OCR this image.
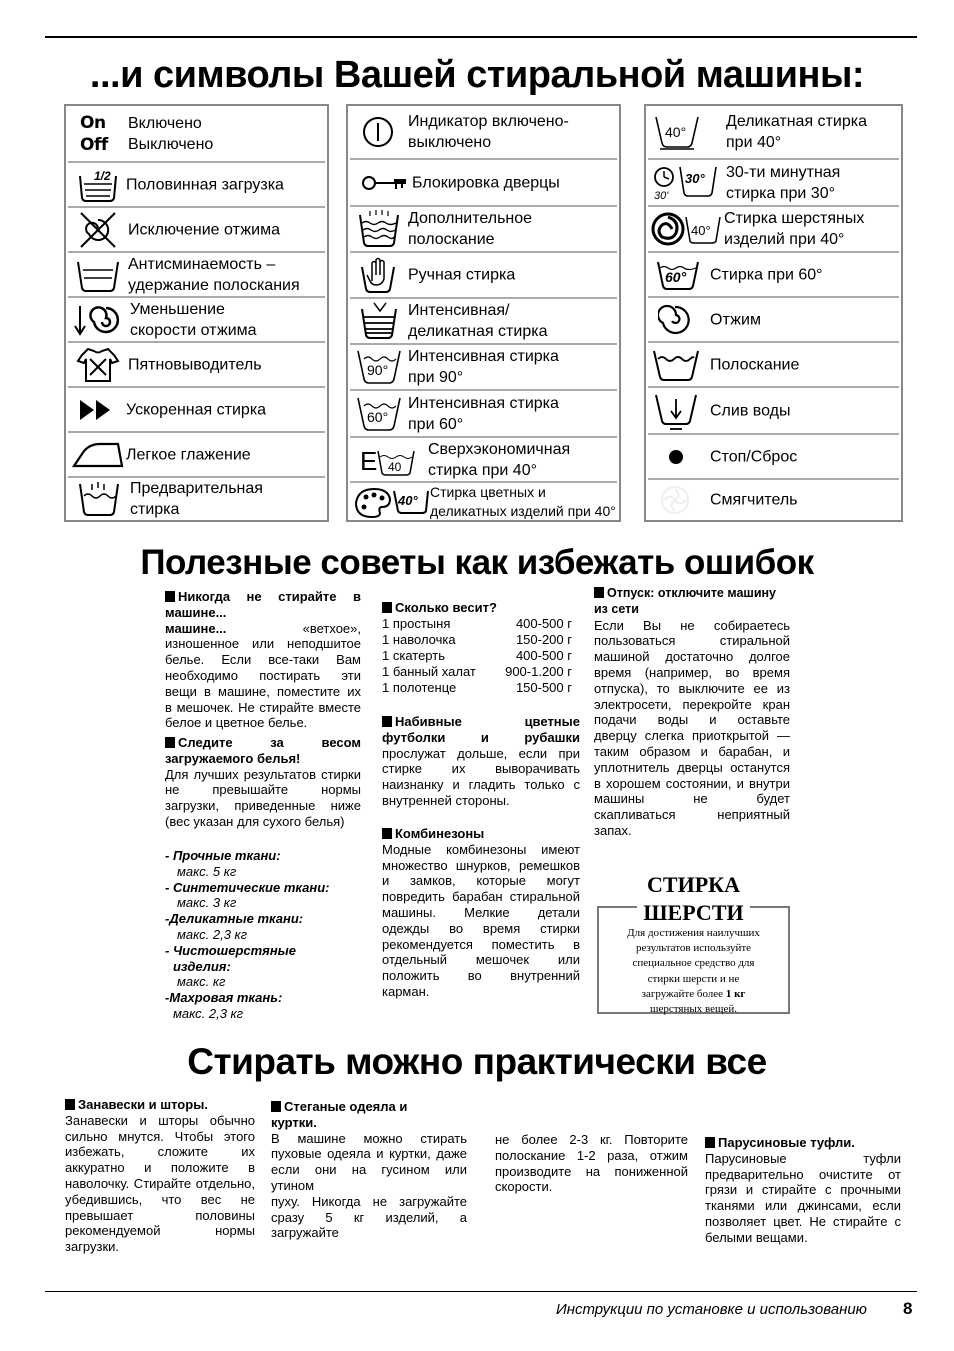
...и символы Вашей стиральной машины:
On
Off
Включено
Выключено
1/2
Половинная загрузка
Исключение отжима
Антисминаемость –
удержание полоскания
Уменьшение
скорости отжима
Пятновыводитель
Ускоренная стирка
Легкое глажение
Предварительная
стирка
Индикатор включено-
выключено
Блокировка дверцы
Дополнительное
полоскание
Ручная стирка
Интенсивная/
деликатная стирка
90°
Интенсивная стирка
при 90°
60°
Интенсивная стирка
при 60°
E 40
Сверхэкономичная
стирка при 40°
40°
Стирка цветных и
деликатных изделий при 40°
40°
Деликатная стирка
при 40°
30'
30° 30-ти минутная
стирка при 30°
40°
Стирка шерстяных
изделий при 40°
60° Стирка при 60°
Отжим
Полоскание
Слив воды
Стоп/Сброс
Смягчитель
Полезные советы как избежать ошибок

Никогда не стирайте в машине...

машине...	«ветхое»,

изношенное или неподшитое

белье. Если все-таки Вам

необходимо постирать эти

вещи в машине, поместите их

в мешочек. Не стирайте вместе

белое и цветное белье.

Следите за весом

загружаемого белья!

Для лучших результатов стирки

не превышайте нормы

загрузки, приведенные ниже

(вес указан для сухого белья)

- Прочные ткани:

макс. 5 кг

- Синтетические ткани:

макс. 3 кг

-Деликатные ткани:

макс. 2,3 кг

- Чистошерстяные изделия:

макс. кг

-Махровая ткань:

макс. 2,3 кг

Сколько весит?

1 простыня	400-500 г
1 наволочка	150-200 г
1 скатерть	400-500 г
1 банный халат	900-1.200 г
1 полотенце	150-500 г

Набивные цветные

футболки и рубашки

прослужат дольше, если при

стирке их выворачивать

наизнанку и гладить только с

внутренней стороны.

Комбинезоны

Модные комбинезоны имеют

множество шнурков, ремешков

и замков, которые могут

повредить барабан стиральной

машины. Мелкие детали

одежды во время стирки

рекомендуется поместить в

отдельный мешочек или

положить во внутренний

карман.

Отпуск: отключите машину

из сети

Если Вы не собираетесь

пользоваться стиральной

машиной достаточно долгое

время (например, во время

отпуска), то выключите ее из

электросети, перекройте кран

подачи воды и оставьте

дверцу слегка приоткрытой —

таким образом и барабан, и

уплотнитель дверцы останутся

в хорошем состоянии, и внутри

машины не будет

скапливаться неприятный

запах.

СТИРКА
ШЕРСТИ
Для достижения наилучших
результатов используйте
специальное средство для
стирки шерсти и не
загружайте более 1 кг
шерстяных вещей.
Стирать можно практически все

Занавески и шторы.

Занавески и шторы обычно

сильно мнутся. Чтобы этого

избежать, сложите их

аккуратно и положите в

наволочку. Стирайте отдельно,

убедившись, что вес не

превышает половины

рекомендуемой нормы

загрузки.

Стеганые одеяла и

куртки.

В машине можно стирать

пуховые одеяла и куртки, даже

если они на гусином или утином

пуху. Никогда не загружайте

сразу 5 кг изделий, а загружайте

не более 2-3 кг. Повторите

полоскание 1-2 раза, отжим

производите на пониженной

скорости.

Парусиновые туфли.

Парусиновые туфли

предварительно очистите от

грязи и стирайте с прочными

тканями или джинсами, если

позволяет цвет. Не стирайте с

белыми вещами.

Инструкции по установке и использованию 8
